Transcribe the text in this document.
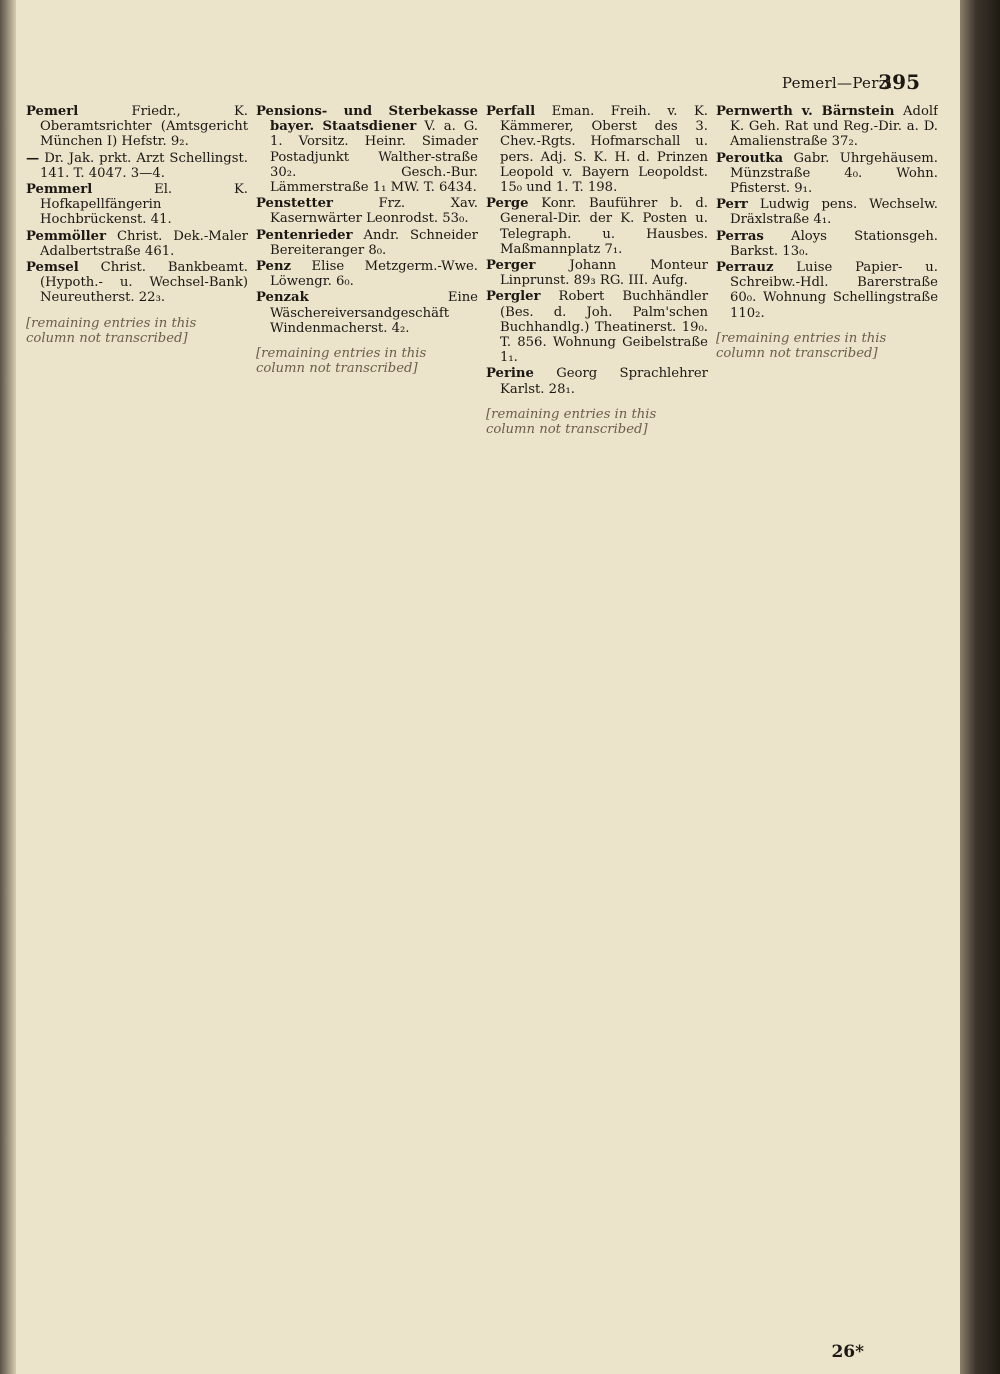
Pemerl—Perzl
395

Pemerl	Friedr., K. Oberamtsrichter (Amtsgericht München I) Hefstr. 9₂.

— Dr. Jak. prkt. Arzt Schellingst. 141. T. 4047. 3—4.

Pemmerl	El. K. Hofkapellfängerin Hochbrückenst. 41.

Pemmöller Christ. Dek.-Maler Adalbertstraße 461.

Pemsel Christ. Bankbeamt. (Hypoth.- u. Wechsel-Bank) Neureutherst. 22₃.

[remaining entries in this column not transcribed]

Pensions- und Sterbekasse bayer. Staatsdiener V. a. G. 1. Vorsitz. Heinr. Simader Postadjunkt Walther-straße 30₂. Gesch.-Bur. Lämmerstraße 1₁ MW. T. 6434.

Penstetter	Frz. Xav. Kasernwärter Leonrodst. 53₀.

Pentenrieder Andr. Schneider Bereiteranger 8₀.

Penz Elise Metzgerm.-Wwe. Löwengr. 6₀.

Penzak	Eine Wäschereiversandgeschäft Windenmacherst. 4₂.

[remaining entries in this column not transcribed]

Perfall Eman. Freih. v. K. Kämmerer, Oberst des 3. Chev.-Rgts. Hofmarschall u. pers. Adj. S. K. H. d. Prinzen Leopold v. Bayern Leopoldst. 15₀ und 1. T. 198.

Perge Konr. Bauführer b. d. General-Dir. der K. Posten u. Telegraph. u. Hausbes. Maßmannplatz 7₁.

Perger	Johann Monteur Linprunst. 89₃ RG. III. Aufg.

Pergler Robert Buchhändler (Bes. d. Joh. Palm'schen Buchhandlg.) Theatinerst. 19₀. T. 856. Wohnung Geibelstraße 1₁.

Perine Georg Sprachlehrer Karlst. 28₁.

[remaining entries in this column not transcribed]

Pernwerth v. Bärnstein Adolf K. Geh. Rat und Reg.-Dir. a. D. Amalienstraße 37₂.

Peroutka Gabr. Uhrgehäusem. Münzstraße 4₀. Wohn. Pfisterst. 9₁.

Perr Ludwig pens. Wechselw. Dräxlstraße 4₁.

Perras Aloys Stationsgeh. Barkst. 13₀.

Perrauz Luise Papier- u. Schreibw.-Hdl. Barerstraße 60₀. Wohnung Schellingstraße 110₂.

[remaining entries in this column not transcribed]
26*
